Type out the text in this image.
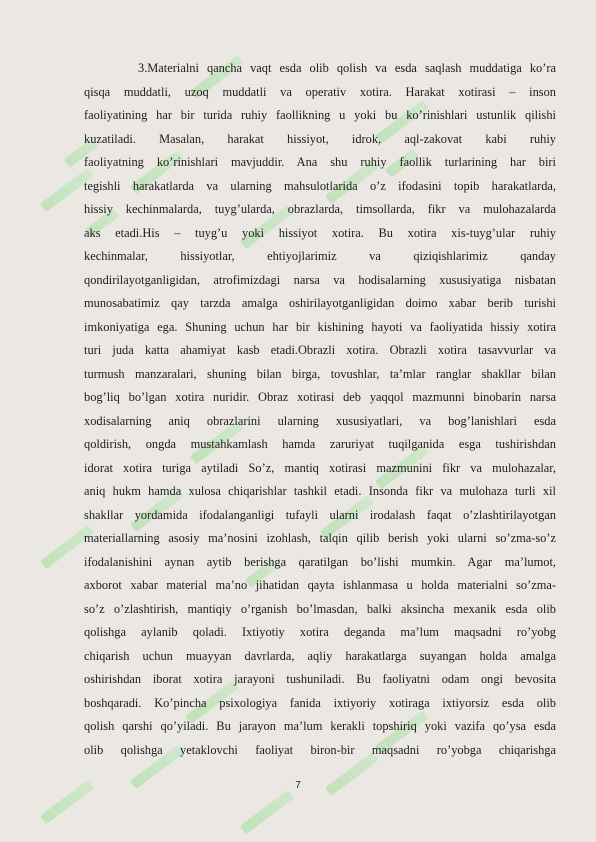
3.Materialni qancha vaqt esda olib qolish va esda saqlash muddatiga ko’ra
qisqa muddatli, uzoq muddatli va operativ xotira. Harakat xotirasi – inson
faoliyatining har bir turida ruhiy faollikning u yoki bu ko’rinishlari ustunlik qilishi
kuzatiladi. Masalan, harakat hissiyot, idrok, aql-zakovat kabi ruhiy
faoliyatning ko’rinishlari mavjuddir. Ana shu ruhiy faollik turlarining har biri
tegishli harakatlarda va ularning mahsulotlarida o’z ifodasini topib harakatlarda,
hissiy kechinmalarda, tuyg’ularda, obrazlarda, timsollarda, fikr va mulohazalarda
aks etadi.His – tuyg’u yoki hissiyot xotira. Bu xotira xis-tuyg’ular ruhiy
kechinmalar, hissiyotlar, ehtiyojlarimiz va qiziqishlarimiz qanday
qondirilayotganligidan, atrofimizdagi narsa va hodisalarning xususiyatiga nisbatan
munosabatimiz qay tarzda amalga oshirilayotganligidan doimo xabar berib turishi
imkoniyatiga ega. Shuning uchun har bir kishining hayoti va faoliyatida hissiy xotira
turi juda katta ahamiyat kasb etadi.Obrazli xotira. Obrazli xotira tasavvurlar va
turmush manzaralari, shuning bilan birga, tovushlar, ta’mlar ranglar shakllar bilan
bog’liq bo’lgan xotira nuridir. Obraz xotirasi deb yaqqol mazmunni binobarin narsa
xodisalarning aniq obrazlarini ularning xususiyatlari, va bog’lanishlari esda
qoldirish, ongda mustahkamlash hamda zaruriyat tuqilganida esga tushirishdan
idorat xotira turiga aytiladi So’z, mantiq xotirasi mazmunini fikr va mulohazalar,
aniq hukm hamda xulosa chiqarishlar tashkil etadi. Insonda fikr va mulohaza turli xil
shakllar yordamida ifodalanganligi tufayli ularni irodalash faqat o’zlashtirilayotgan
materiallarning asosiy ma’nosini izohlash, talqin qilib berish yoki ularni so’zma-so’z
ifodalanishini aynan aytib berishga qaratilgan bo’lishi mumkin. Agar ma’lumot,
axborot xabar material ma’no jihatidan qayta ishlanmasa u holda materialni so’zma-
so’z o’zlashtirish, mantiqiy o’rganish bo’lmasdan, balki aksincha mexanik esda olib
qolishga aylanib qoladi. Ixtiyotiy xotira deganda ma’lum maqsadni ro’yobg
chiqarish uchun muayyan davrlarda, aqliy harakatlarga suyangan holda amalga
oshirishdan iborat xotira jarayoni tushuniladi. Bu faoliyatni odam ongi bevosita
boshqaradi. Ko’pincha psixologiya fanida ixtiyoriy xotiraga ixtiyorsiz esda olib
qolish qarshi qo’yiladi. Bu jarayon ma’lum kerakli topshiriq yoki vazifa qo’ysa esda
olib qolishga yetaklovchi faoliyat biron-bir maqsadni ro’yobga chiqarishga
7
